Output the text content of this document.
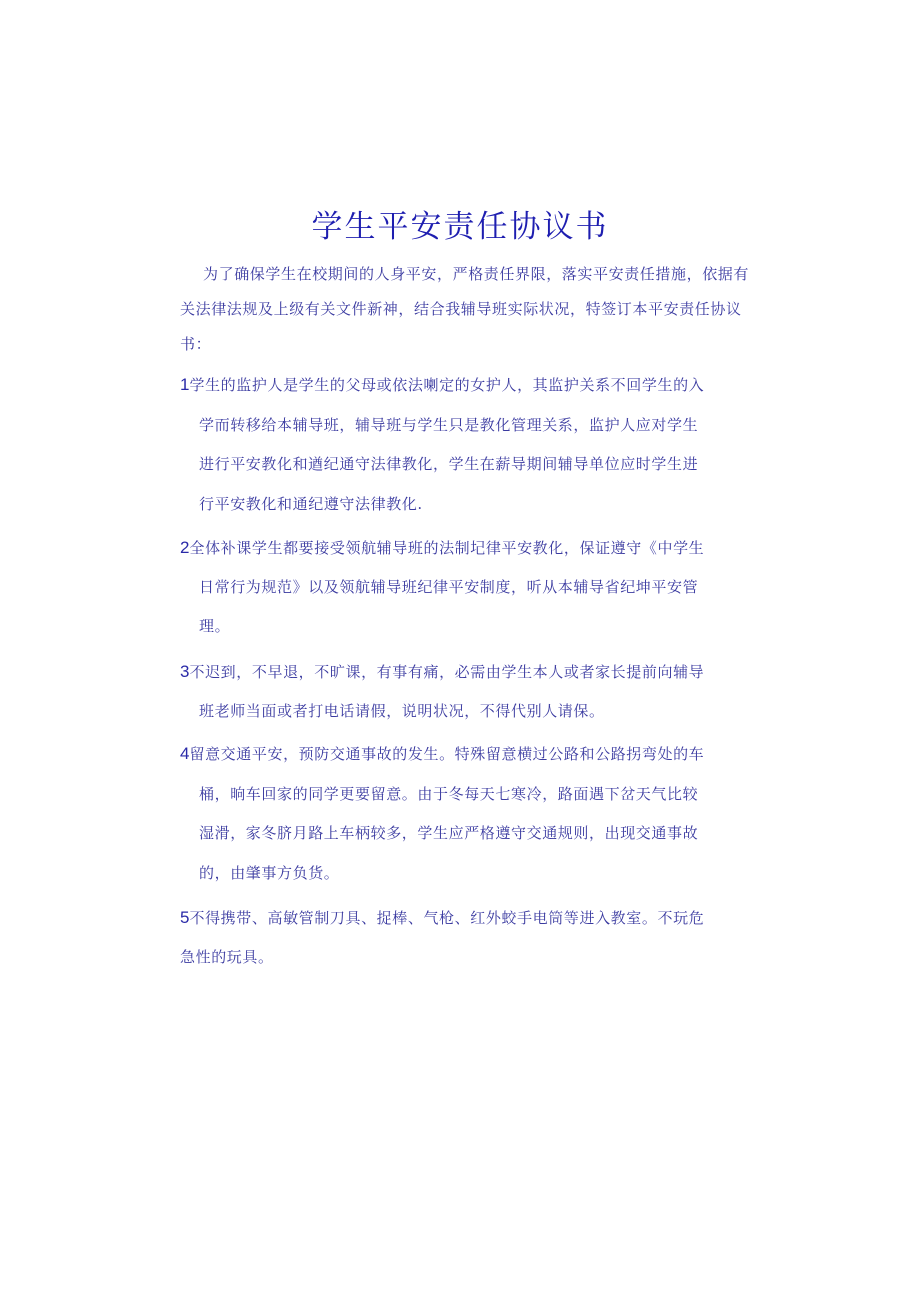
学生平安责任协议书
为了确保学生在校期间的人身平安，严格责任界限，落实平安责任措施，依据有关法律法规及上级有关文件新神，结合我辅导班实际状况，特签订本平安责任协议书：
1学生的监护人是学生的父母或依法喇定的女护人，其监护关系不回学生的入
学而转移给本辅导班，辅导班与学生只是教化管理关系，监护人应对学生
进行平安教化和遒纪通守法律教化，学生在薪导期间辅导单位应时学生进
行平安教化和通纪遵守法律教化.
2全体补课学生都要接受领航辅导班的法制圮律平安教化，保证遵守《中学生
日常行为规范》以及领航辅导班纪律平安制度，听从本辅导省纪坤平安管
理。
3不迟到，不早退，不旷课，有事有痛，必需由学生本人或者家长提前向辅导
班老师当面或者打电话请假，说明状况，不得代别人请保。
4留意交通平安，预防交通事故的发生。特殊留意横过公路和公路拐弯处的车
桶，晌车回家的同学更要留意。由于冬每天七寒冷，路面遇下岔天气比较
湿滑，家冬脐月路上车柄较多，学生应严格遵守交通规则，出现交通事故
的，由肇事方负货。
5不得携带、高敏管制刀具、捉棒、气枪、红外蛟手电筒等进入教室。不玩危
急性的玩具。
